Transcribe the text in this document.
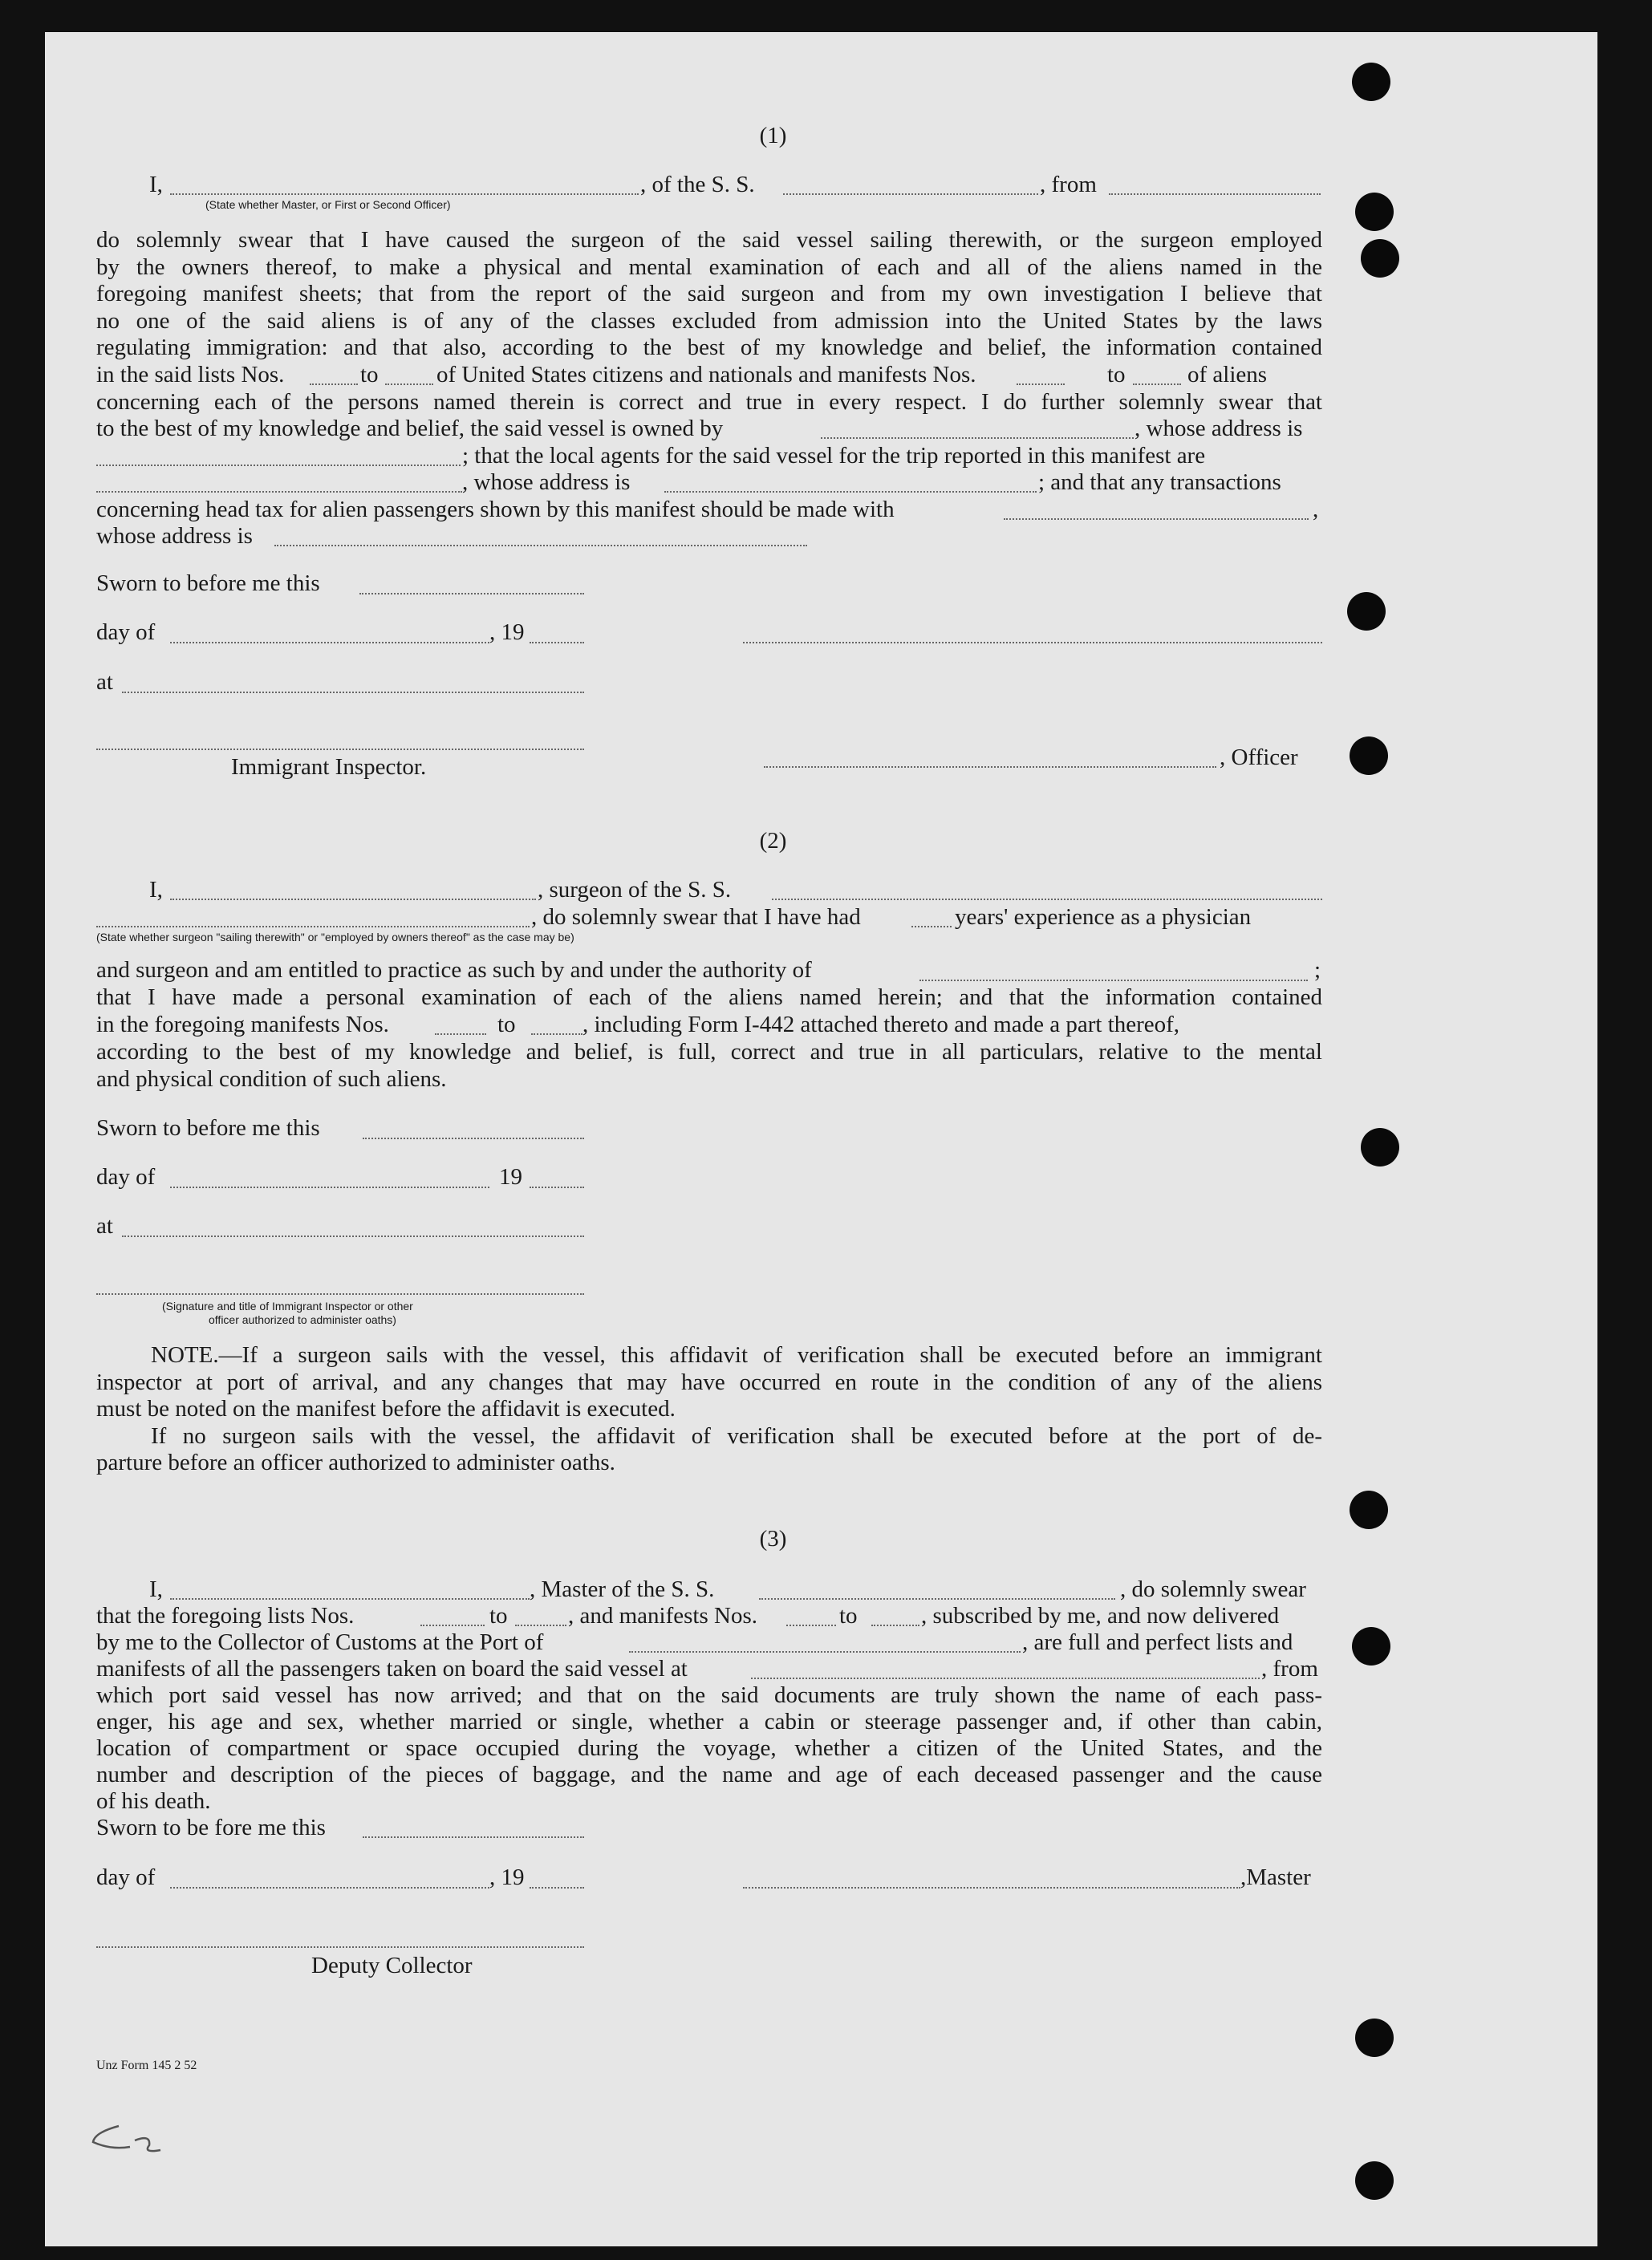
(1)
I,	, of the S. S.	, from
(State whether Master, or First or Second Officer)
do solemnly swear that I have caused the surgeon of the said vessel sailing therewith, or the surgeon employed
by the owners thereof, to make a physical and mental examination of each and all of the aliens named in the
foregoing manifest sheets; that from the report of the said surgeon and from my own investigation I believe that
no one of the said aliens is of any of the classes excluded from admission into the United States by the laws
regulating immigration: and that also, according to the best of my knowledge and belief, the information contained
in the said lists Nos.	to of United States citizens and nationals and manifests Nos.	to	of aliens
concerning each of the persons named therein is correct and true in every respect. I do further solemnly swear that
to the best of my knowledge and belief, the said vessel is owned by	, whose address is
; that the local agents for the said vessel for the trip reported in this manifest are
, whose address is	; and that any transactions
concerning head tax for alien passengers shown by this manifest should be made with	,
whose address is
Sworn to before me this
day of	, 19
at
Immigrant Inspector.	, Officer
(2)
I,	, surgeon of the S. S.
, do solemnly swear that I have had	years' experience as a physician
(State whether surgeon "sailing therewith" or "employed by owners thereof" as the case may be)
and surgeon and am entitled to practice as such by and under the authority of	;
that I have made a personal examination of each of the aliens named herein; and that the information contained
in the foregoing manifests Nos.	to	, including Form I-442 attached thereto and made a part thereof,
according to the best of my knowledge and belief, is full, correct and true in all particulars, relative to the mental
and physical condition of such aliens.
Sworn to before me this
day of	19
at
(Signature and title of Immigrant Inspector or other
officer authorized to administer oaths)
NOTE.—If a surgeon sails with the vessel, this affidavit of verification shall be executed before an immigrant
inspector at port of arrival, and any changes that may have occurred en route in the condition of any of the aliens
must be noted on the manifest before the affidavit is executed.
If no surgeon sails with the vessel, the affidavit of verification shall be executed before at the port of de-
parture before an officer authorized to administer oaths.
(3)
I,	, Master of the S. S.	, do solemnly swear
that the foregoing lists Nos.	to	, and manifests Nos.	to	, subscribed by me, and now delivered
by me to the Collector of Customs at the Port of	, are full and perfect lists and
manifests of all the passengers taken on board the said vessel at	, from
which port said vessel has now arrived; and that on the said documents are truly shown the name of each pass-
enger, his age and sex, whether married or single, whether a cabin or steerage passenger and, if other than cabin,
location of compartment or space occupied during the voyage, whether a citizen of the United States, and the
number and description of the pieces of baggage, and the name and age of each deceased passenger and the cause
of his death.
Sworn to be fore me this
day of	, 19	,Master
Deputy Collector
Unz Form 145 2 52
